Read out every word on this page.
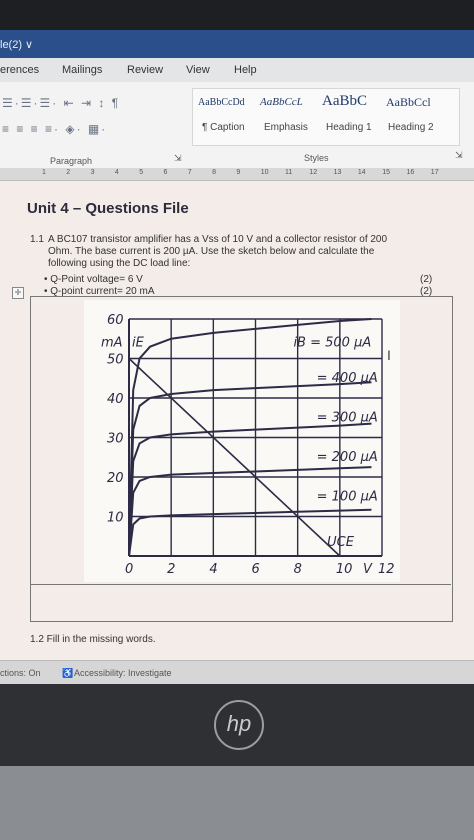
le(2) ∨
erences Mailings Review View Help
☰·☰·☰· ⇤ ⇥ ↕ ¶
≡ ≡ ≡ ≡· ◈· ▦·
Paragraph	⇲
AaBbCcDd
¶ Caption
AaBbCcL
Emphasis
AaBbC
Heading 1
AaBbCcl
Heading 2
Styles	⇲
1	2	3	4	5	6	7	8	9	10 11 12 13 14 15 16 17
Unit 4 – Questions File
1.1 A BC107 transistor amplifier has a Vss of 10 V and a collector resistor of 200 Ohm. The base current is 200 µA. Use the sketch below and calculate the following using the DC load line:
• Q-Point voltage= 6 V
• Q-point current= 20 mA
(2)
(2)
✛
0	2	4	6	8	10 12
10
20
30
40
50
60
mA iE
UCE
V
iB = 500 µA
= 400 µA
= 300 µA
= 200 µA
= 100 µA
I
1.2 Fill in the missing words.
ctions: On ♿ Accessibility: Investigate
hp
